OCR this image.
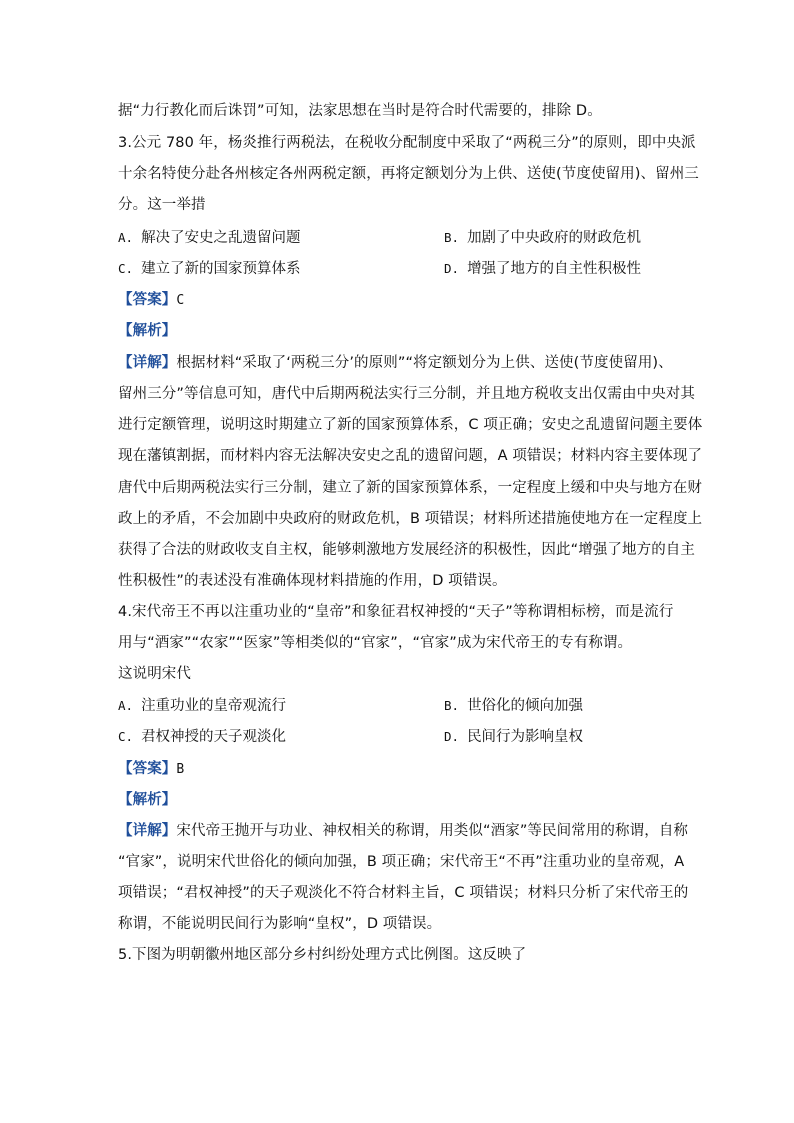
据“力行教化而后诛罚”可知，法家思想在当时是符合时代需要的，排除 D。
3.公元 780 年，杨炎推行两税法，在税收分配制度中采取了“两税三分”的原则，即中央派
十余名特使分赴各州核定各州两税定额，再将定额划分为上供、送使(节度使留用)、留州三
分。这一举措
A. 解决了安史之乱遗留问题	B. 加剧了中央政府的财政危机
C. 建立了新的国家预算体系	D. 增强了地方的自主性积极性
【答案】C
【解析】
【详解】根据材料“采取了‘两税三分’的原则”“将定额划分为上供、送使(节度使留用)、
留州三分”等信息可知，唐代中后期两税法实行三分制，并且地方税收支出仅需由中央对其
进行定额管理，说明这时期建立了新的国家预算体系，C 项正确；安史之乱遗留问题主要体
现在藩镇割据，而材料内容无法解决安史之乱的遗留问题，A 项错误；材料内容主要体现了
唐代中后期两税法实行三分制，建立了新的国家预算体系，一定程度上缓和中央与地方在财
政上的矛盾，不会加剧中央政府的财政危机，B 项错误；材料所述措施使地方在一定程度上
获得了合法的财政收支自主权，能够刺激地方发展经济的积极性，因此“增强了地方的自主
性积极性”的表述没有准确体现材料措施的作用，D 项错误。
4.宋代帝王不再以注重功业的“皇帝”和象征君权神授的“天子”等称谓相标榜，而是流行
用与“酒家”“农家”“医家”等相类似的“官家”，“官家”成为宋代帝王的专有称谓。
这说明宋代
A. 注重功业的皇帝观流行	B. 世俗化的倾向加强
C. 君权神授的天子观淡化	D. 民间行为影响皇权
【答案】B
【解析】
【详解】宋代帝王抛开与功业、神权相关的称谓，用类似“酒家”等民间常用的称谓，自称
“官家”，说明宋代世俗化的倾向加强，B 项正确；宋代帝王“不再”注重功业的皇帝观，A
项错误；“君权神授”的天子观淡化不符合材料主旨，C 项错误；材料只分析了宋代帝王的
称谓，不能说明民间行为影响“皇权”，D 项错误。
5.下图为明朝徽州地区部分乡村纠纷处理方式比例图。这反映了
